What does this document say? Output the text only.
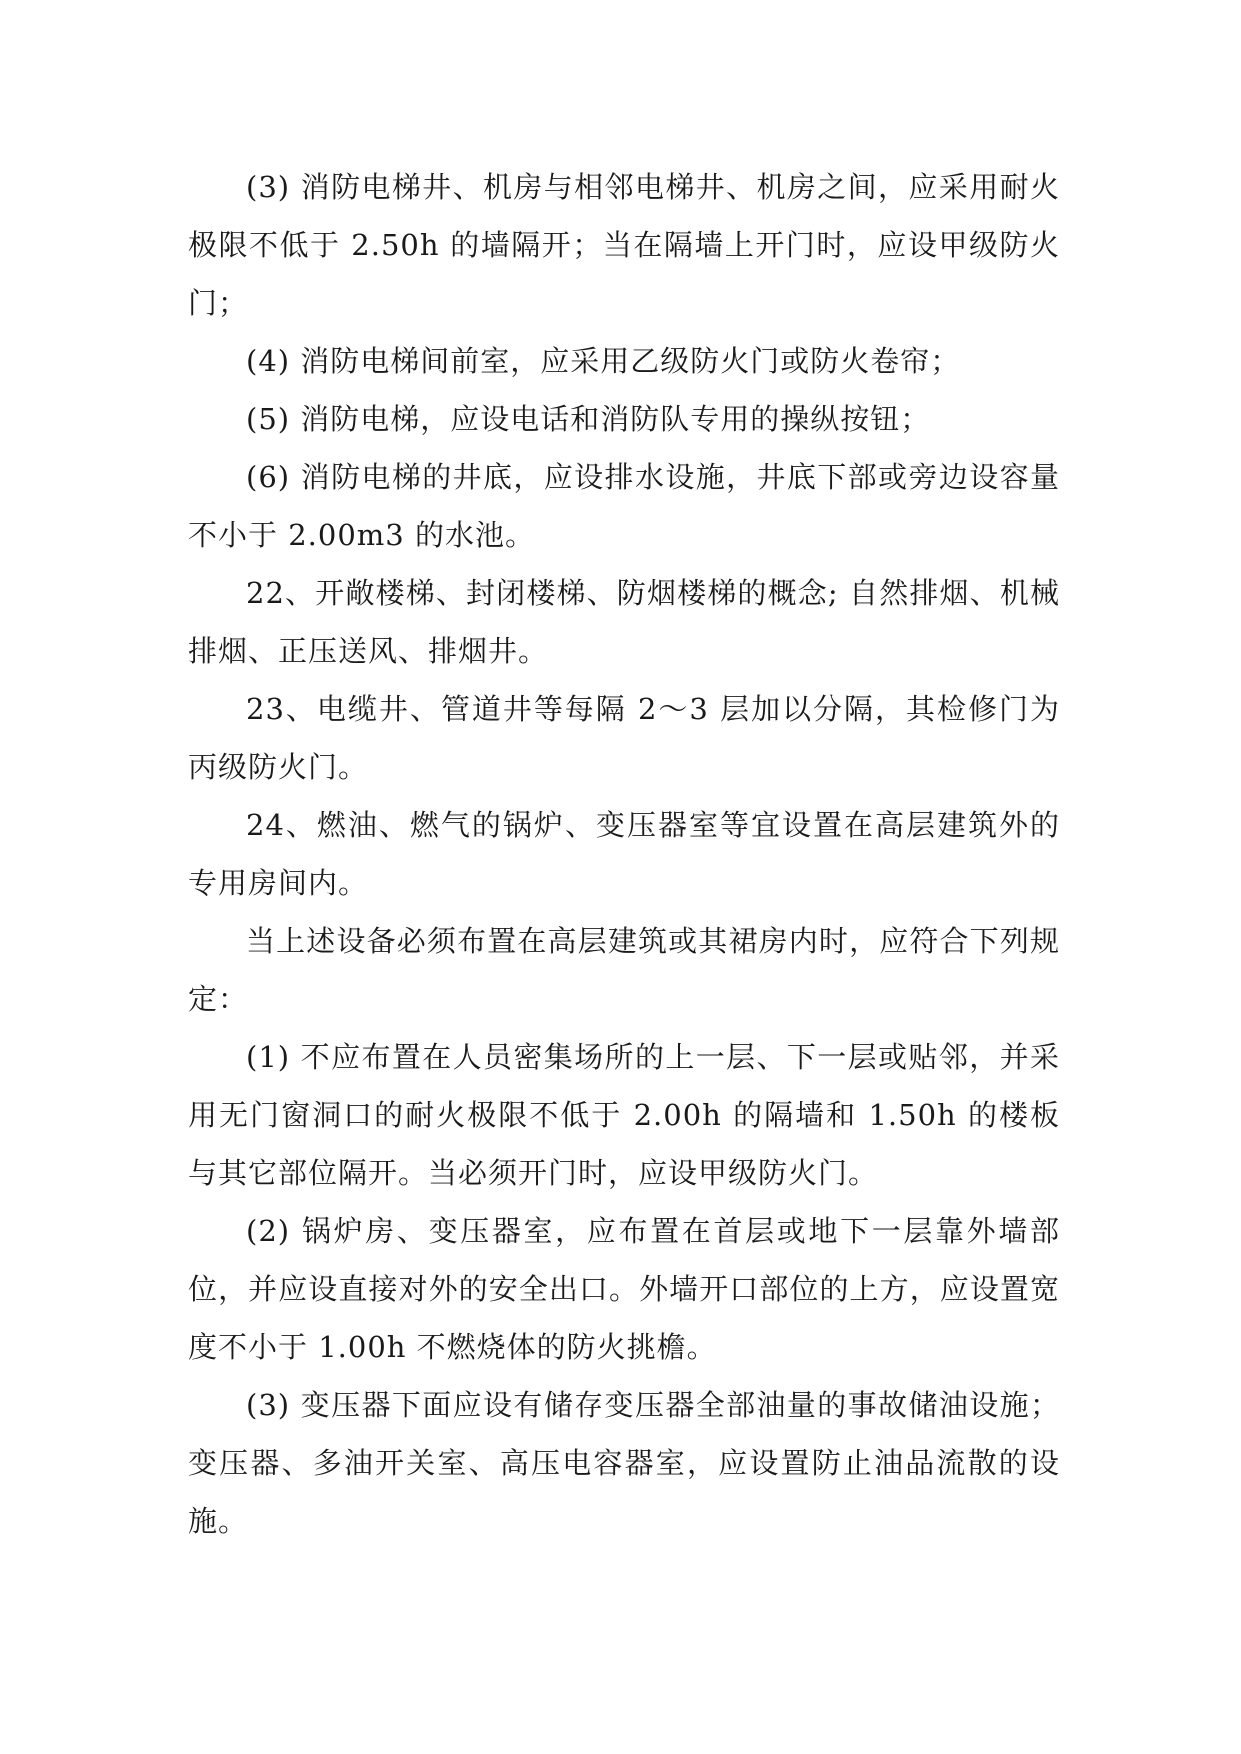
(3) 消防电梯井、机房与相邻电梯井、机房之间，应采用耐火极限不低于 2.50h 的墙隔开；当在隔墙上开门时，应设甲级防火门；

(4) 消防电梯间前室，应采用乙级防火门或防火卷帘；

(5) 消防电梯，应设电话和消防队专用的操纵按钮；

(6) 消防电梯的井底，应设排水设施，井底下部或旁边设容量不小于 2.00m3 的水池。

22、开敞楼梯、封闭楼梯、防烟楼梯的概念; 自然排烟、机械排烟、正压送风、排烟井。

23、电缆井、管道井等每隔 2～3 层加以分隔，其检修门为丙级防火门。

24、燃油、燃气的锅炉、变压器室等宜设置在高层建筑外的专用房间内。

当上述设备必须布置在高层建筑或其裙房内时，应符合下列规定：

(1) 不应布置在人员密集场所的上一层、下一层或贴邻，并采用无门窗洞口的耐火极限不低于 2.00h 的隔墙和 1.50h 的楼板与其它部位隔开。当必须开门时，应设甲级防火门。

(2) 锅炉房、变压器室，应布置在首层或地下一层靠外墙部位，并应设直接对外的安全出口。外墙开口部位的上方，应设置宽度不小于 1.00h 不燃烧体的防火挑檐。

(3) 变压器下面应设有储存变压器全部油量的事故储油设施；变压器、多油开关室、高压电容器室，应设置防止油品流散的设施。
